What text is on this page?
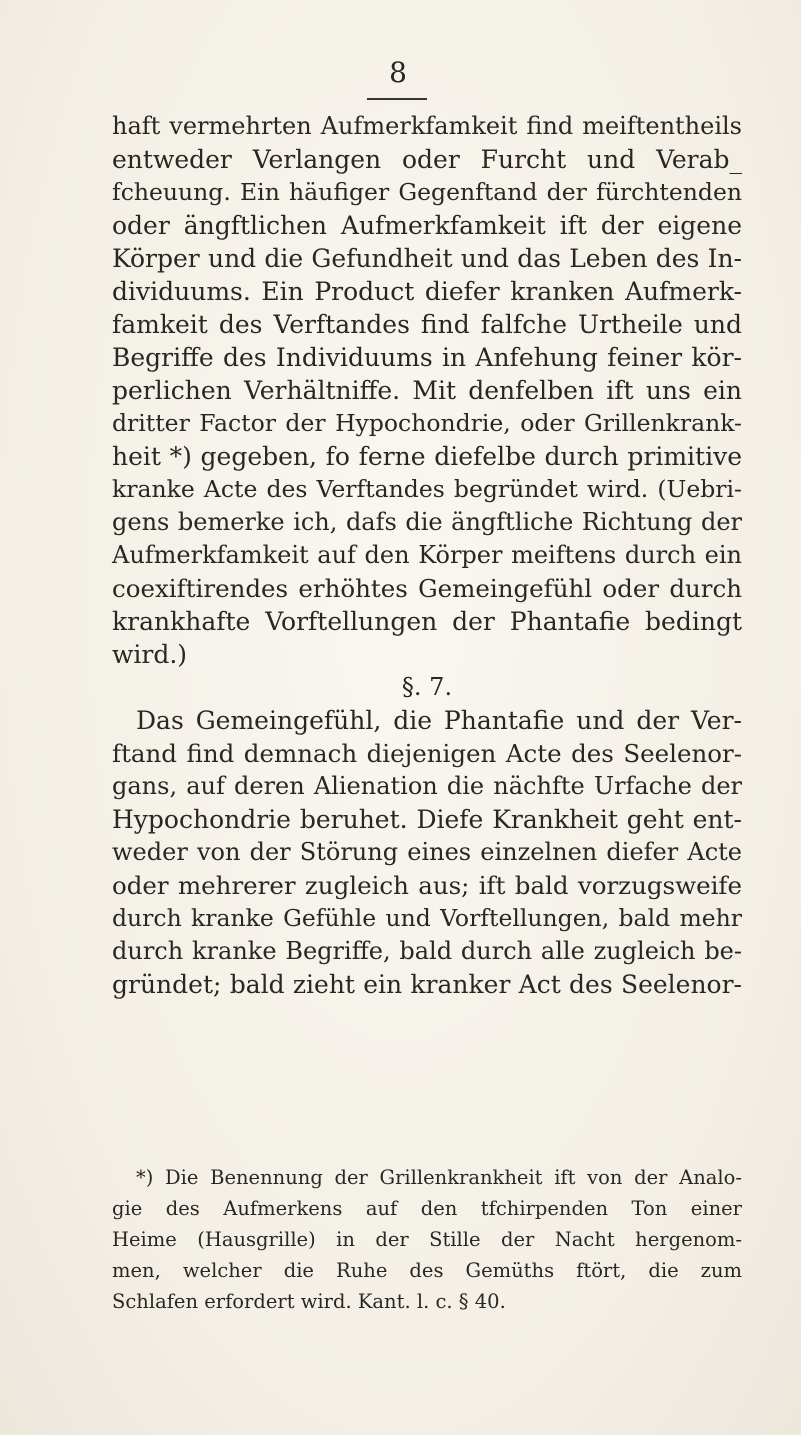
8
haft vermehrten Aufmerkfamkeit find meiftentheils
entweder Verlangen oder Furcht und Verab_
fcheuung. Ein häufiger Gegenftand der fürchtenden
oder ängftlichen Aufmerkfamkeit ift der eigene
Körper und die Gefundheit und das Leben des In-
dividuums. Ein Product diefer kranken Aufmerk-
famkeit des Verftandes find falfche Urtheile und
Begriffe des Individuums in Anfehung feiner kör-
perlichen Verhältniffe. Mit denfelben ift uns ein
dritter Factor der Hypochondrie, oder Grillenkrank-
heit *) gegeben, fo ferne diefelbe durch primitive
kranke Acte des Verftandes begründet wird. (Uebri-
gens bemerke ich, dafs die ängftliche Richtung der
Aufmerkfamkeit auf den Körper meiftens durch ein
coexiftirendes erhöhtes Gemeingefühl oder durch
krankhafte Vorftellungen der Phantafie bedingt
wird.)
§. 7.
Das Gemeingefühl, die Phantafie und der Ver-
ftand find demnach diejenigen Acte des Seelenor-
gans, auf deren Alienation die nächfte Urfache der
Hypochondrie beruhet. Diefe Krankheit geht ent-
weder von der Störung eines einzelnen diefer Acte
oder mehrerer zugleich aus; ift bald vorzugsweife
durch kranke Gefühle und Vorftellungen, bald mehr
durch kranke Begriffe, bald durch alle zugleich be-
gründet; bald zieht ein kranker Act des Seelenor-
*) Die Benennung der Grillenkrankheit ift von der Analo-
gie des Aufmerkens auf den tfchirpenden Ton einer
Heime (Hausgrille) in der Stille der Nacht hergenom-
men, welcher die Ruhe des Gemüths ftört, die zum
Schlafen erfordert wird. Kant. l. c. § 40.
